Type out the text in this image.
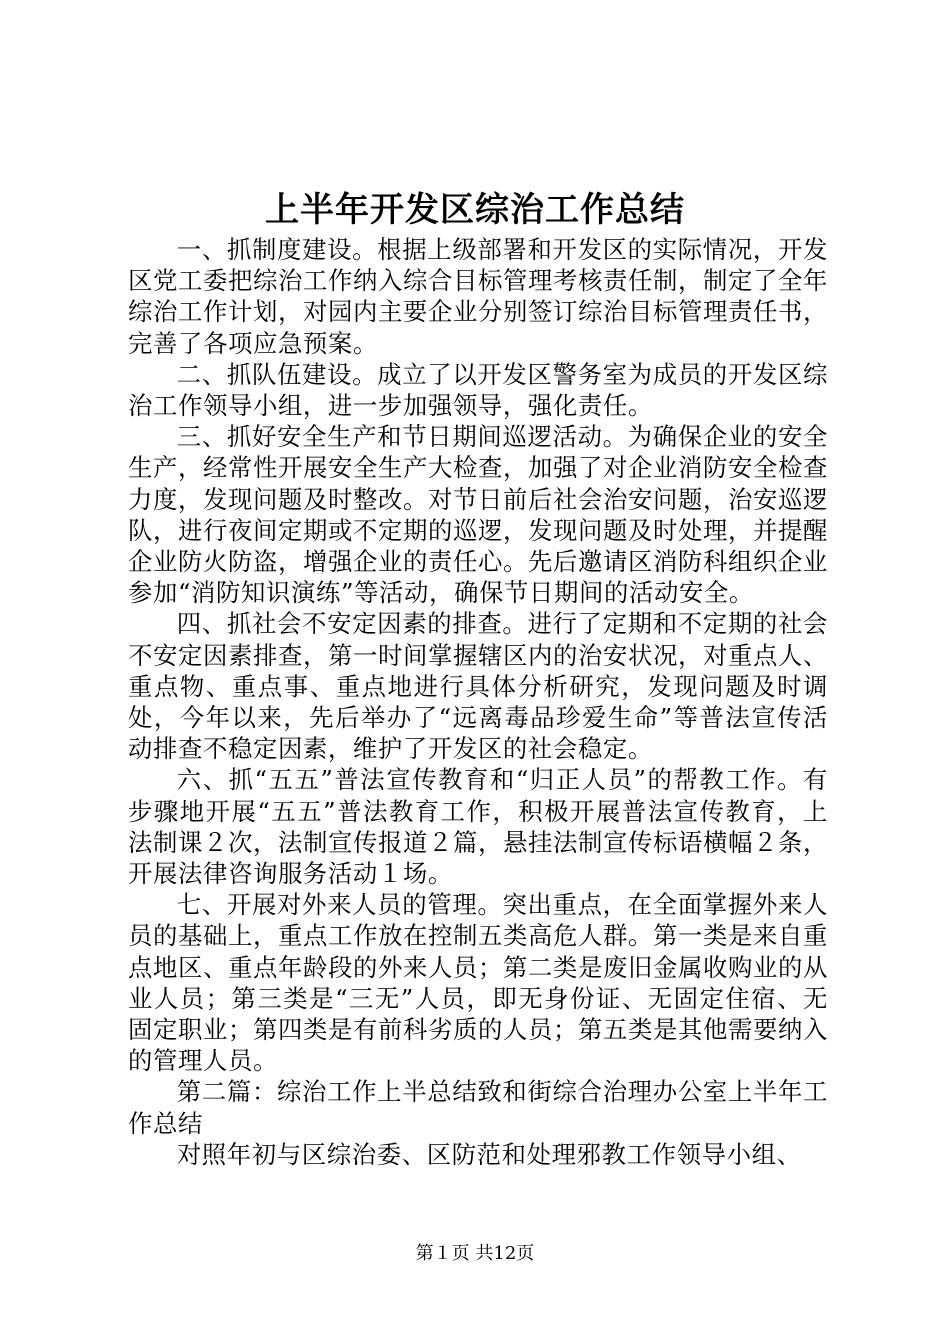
上半年开发区综治工作总结

一、抓制度建设。根据上级部署和开发区的实际情况，开发区党工委把综治工作纳入综合目标管理考核责任制，制定了全年综治工作计划，对园内主要企业分别签订综治目标管理责任书，完善了各项应急预案。

二、抓队伍建设。成立了以开发区警务室为成员的开发区综治工作领导小组，进一步加强领导，强化责任。

三、抓好安全生产和节日期间巡逻活动。为确保企业的安全生产，经常性开展安全生产大检查，加强了对企业消防安全检查力度，发现问题及时整改。对节日前后社会治安问题，治安巡逻队，进行夜间定期或不定期的巡逻，发现问题及时处理，并提醒企业防火防盗，增强企业的责任心。先后邀请区消防科组织企业参加“消防知识演练”等活动，确保节日期间的活动安全。

四、抓社会不安定因素的排查。进行了定期和不定期的社会不安定因素排查，第一时间掌握辖区内的治安状况，对重点人、重点物、重点事、重点地进行具体分析研究，发现问题及时调处，今年以来，先后举办了“远离毒品珍爱生命”等普法宣传活动排查不稳定因素，维护了开发区的社会稳定。

六、抓“五五”普法宣传教育和“归正人员”的帮教工作。有步骤地开展“五五”普法教育工作，积极开展普法宣传教育，上法制课２次，法制宣传报道２篇，悬挂法制宣传标语横幅２条，开展法律咨询服务活动１场。

七、开展对外来人员的管理。突出重点，在全面掌握外来人员的基础上，重点工作放在控制五类高危人群。第一类是来自重点地区、重点年龄段的外来人员；第二类是废旧金属收购业的从业人员；第三类是“三无”人员，即无身份证、无固定住宿、无固定职业；第四类是有前科劣质的人员；第五类是其他需要纳入的管理人员。

第二篇：综治工作上半总结致和街综合治理办公室上半年工作总结

对照年初与区综治委、区防范和处理邪教工作领导小组、

第１页 共12页
